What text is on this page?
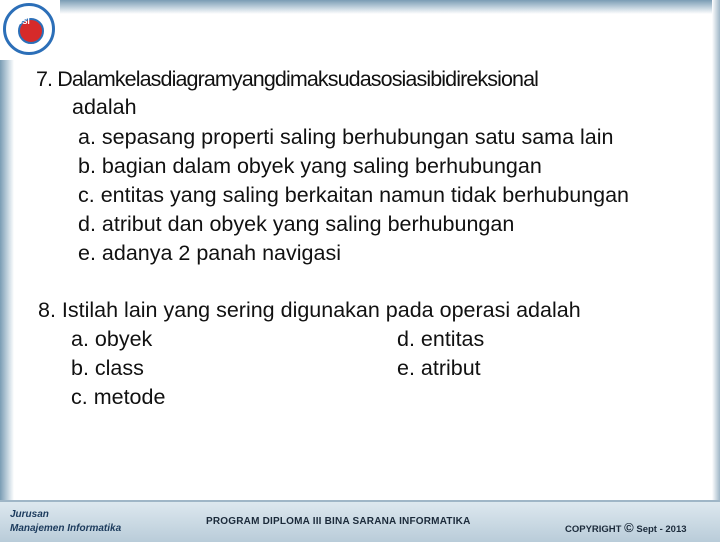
BSI
7. Dalamkelasdiagramyangdimaksudasosiasibidireksional
adalah
a. sepasang properti saling berhubungan satu sama lain
b. bagian dalam obyek yang saling berhubungan
c. entitas yang saling berkaitan namun tidak berhubungan
d. atribut dan obyek yang saling berhubungan
e. adanya 2 panah navigasi
8. Istilah lain yang sering digunakan pada operasi adalah
a. obyek
b. class
c. metode
d. entitas
e. atribut
Jurusan
Manajemen Informatika
PROGRAM DIPLOMA III BINA SARANA INFORMATIKA
COPYRIGHT © Sept - 2013
